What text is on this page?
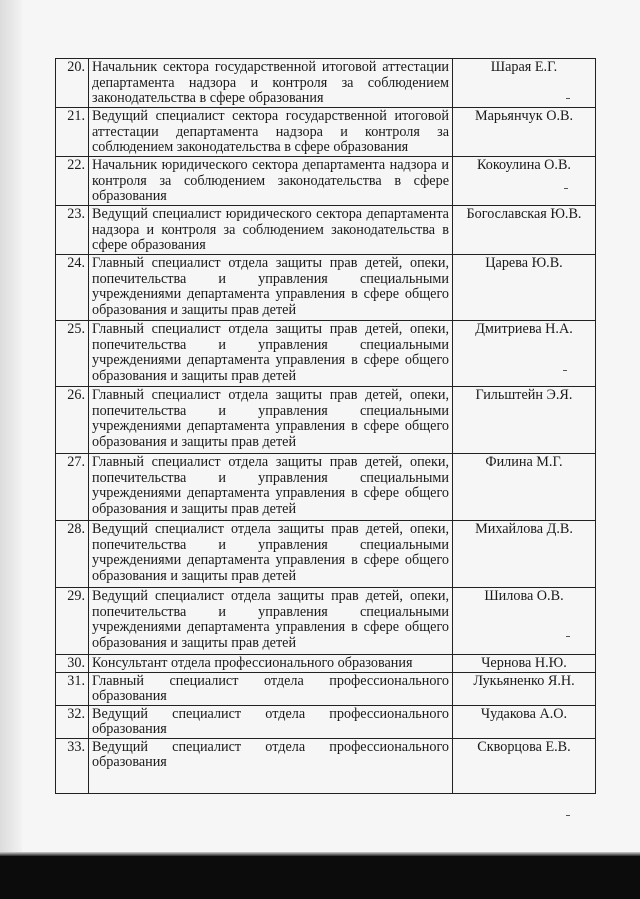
20.	Начальник сектора государственной итоговой аттестации департамента надзора и контроля за соблюдением законодательства в сфере образования	Шарая Е.Г.
21.	Ведущий специалист сектора государственной итоговой аттестации департамента надзора и контроля за соблюдением законодательства в сфере образования	Марьянчук О.В.
22.	Начальник юридического сектора департамента надзора и контроля за соблюдением законодательства в сфере образования	Кокоулина О.В.
23.	Ведущий специалист юридического сектора департамента надзора и контроля за соблюдением законодательства в сфере образования	Богославская Ю.В.
24.	Главный специалист отдела защиты прав детей, опеки, попечительства и управления специальными учреждениями департамента управления в сфере общего образования и защиты прав детей	Царева Ю.В.
25.	Главный специалист отдела защиты прав детей, опеки, попечительства и управления специальными учреждениями департамента управления в сфере общего образования и защиты прав детей	Дмитриева Н.А.
26.	Главный специалист отдела защиты прав детей, опеки, попечительства и управления специальными учреждениями департамента управления в сфере общего образования и защиты прав детей	Гильштейн Э.Я.
27.	Главный специалист отдела защиты прав детей, опеки, попечительства и управления специальными учреждениями департамента управления в сфере общего образования и защиты прав детей	Филина М.Г.
28.	Ведущий специалист отдела защиты прав детей, опеки, попечительства и управления специальными учреждениями департамента управления в сфере общего образования и защиты прав детей	Михайлова Д.В.
29.	Ведущий специалист отдела защиты прав детей, опеки, попечительства и управления специальными учреждениями департамента управления в сфере общего образования и защиты прав детей	Шилова О.В.
30.	Консультант отдела профессионального образования	Чернова Н.Ю.
31.	Главный специалист отдела профессионального образования	Лукьяненко Я.Н.
32.	Ведущий специалист отдела профессионального образования	Чудакова А.О.
33.	Ведущий специалист отдела профессионального образования	Скворцова Е.В.
